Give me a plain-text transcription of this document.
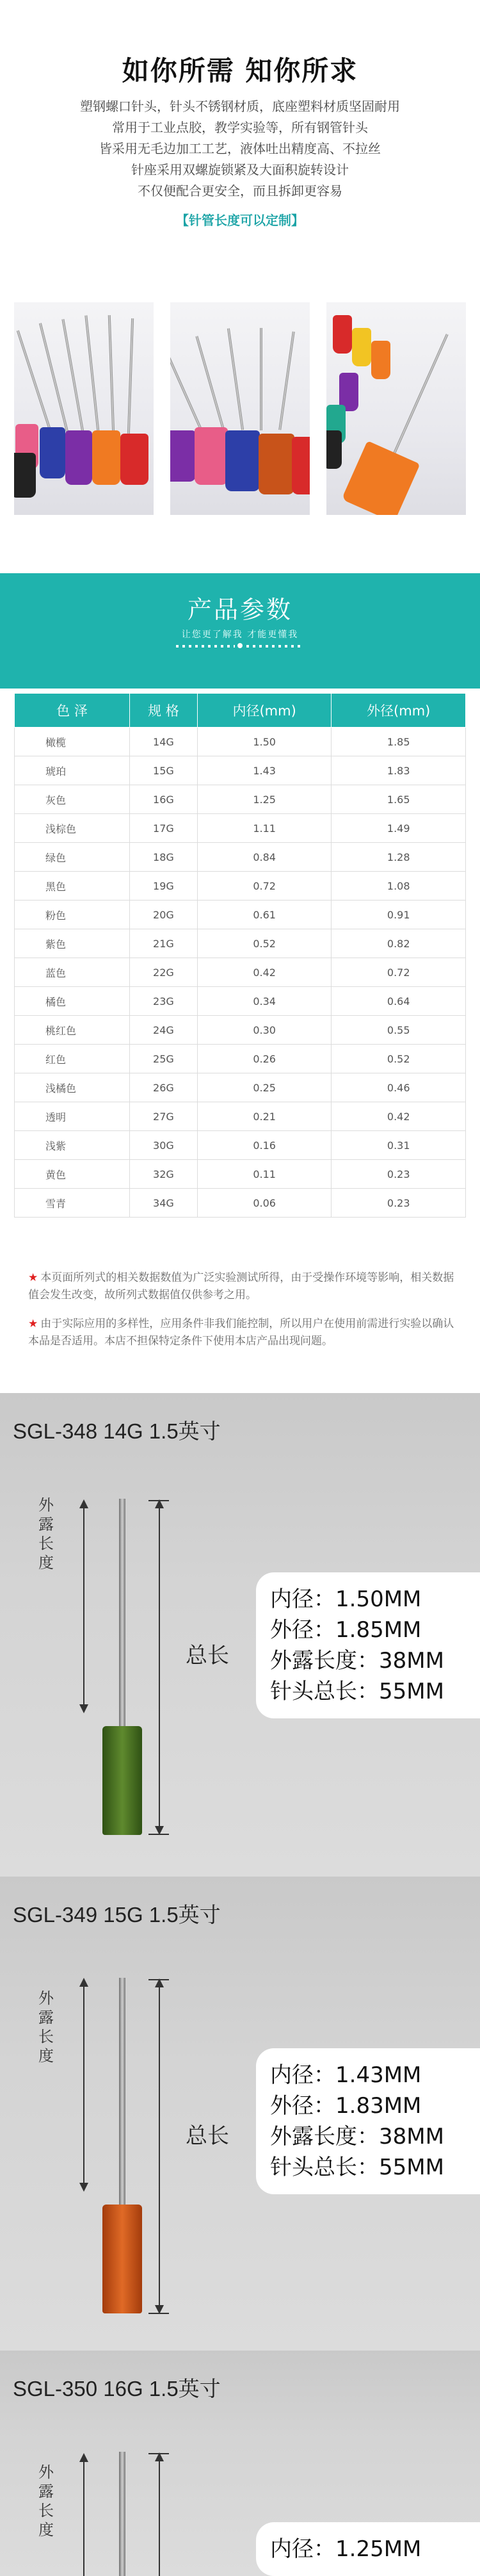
如你所需 知你所求
塑钢螺口针头，针头不锈钢材质，底座塑料材质坚固耐用
常用于工业点胶，教学实验等，所有钢管针头
皆采用无毛边加工工艺，液体吐出精度高、不拉丝
针座采用双螺旋锁紧及大面积旋转设计
不仅便配合更安全，而且拆卸更容易
【针管长度可以定制】
产品参数
让您更了解我 才能更懂我
色 泽	规 格	内径(mm)	外径(mm)
橄榄	14G	1.50	1.85
琥珀	15G	1.43	1.83
灰色	16G	1.25	1.65
浅棕色	17G	1.11	1.49
绿色	18G	0.84	1.28
黑色	19G	0.72	1.08
粉色	20G	0.61	0.91
紫色	21G	0.52	0.82
蓝色	22G	0.42	0.72
橘色	23G	0.34	0.64
桃红色	24G	0.30	0.55
红色	25G	0.26	0.52
浅橘色	26G	0.25	0.46
透明	27G	0.21	0.42
浅紫	30G	0.16	0.31
黄色	32G	0.11	0.23
雪青	34G	0.06	0.23
★ 本页面所列式的相关数据数值为广泛实验测试所得，由于受操作环境等影响，相关数据值会发生改变，故所列式数据值仅供参考之用。
★ 由于实际应用的多样性，应用条件非我们能控制，所以用户在使用前需进行实验以确认本品是否适用。本店不担保特定条件下使用本店产品出现问题。
SGL-348 14G 1.5英寸
外露长度
总长
内径：1.50MM
外径：1.85MM
外露长度：38MM
针头总长：55MM
SGL-349 15G 1.5英寸
外露长度
总长
内径：1.43MM
外径：1.83MM
外露长度：38MM
针头总长：55MM
SGL-350 16G 1.5英寸
外露长度
内径：1.25MM
